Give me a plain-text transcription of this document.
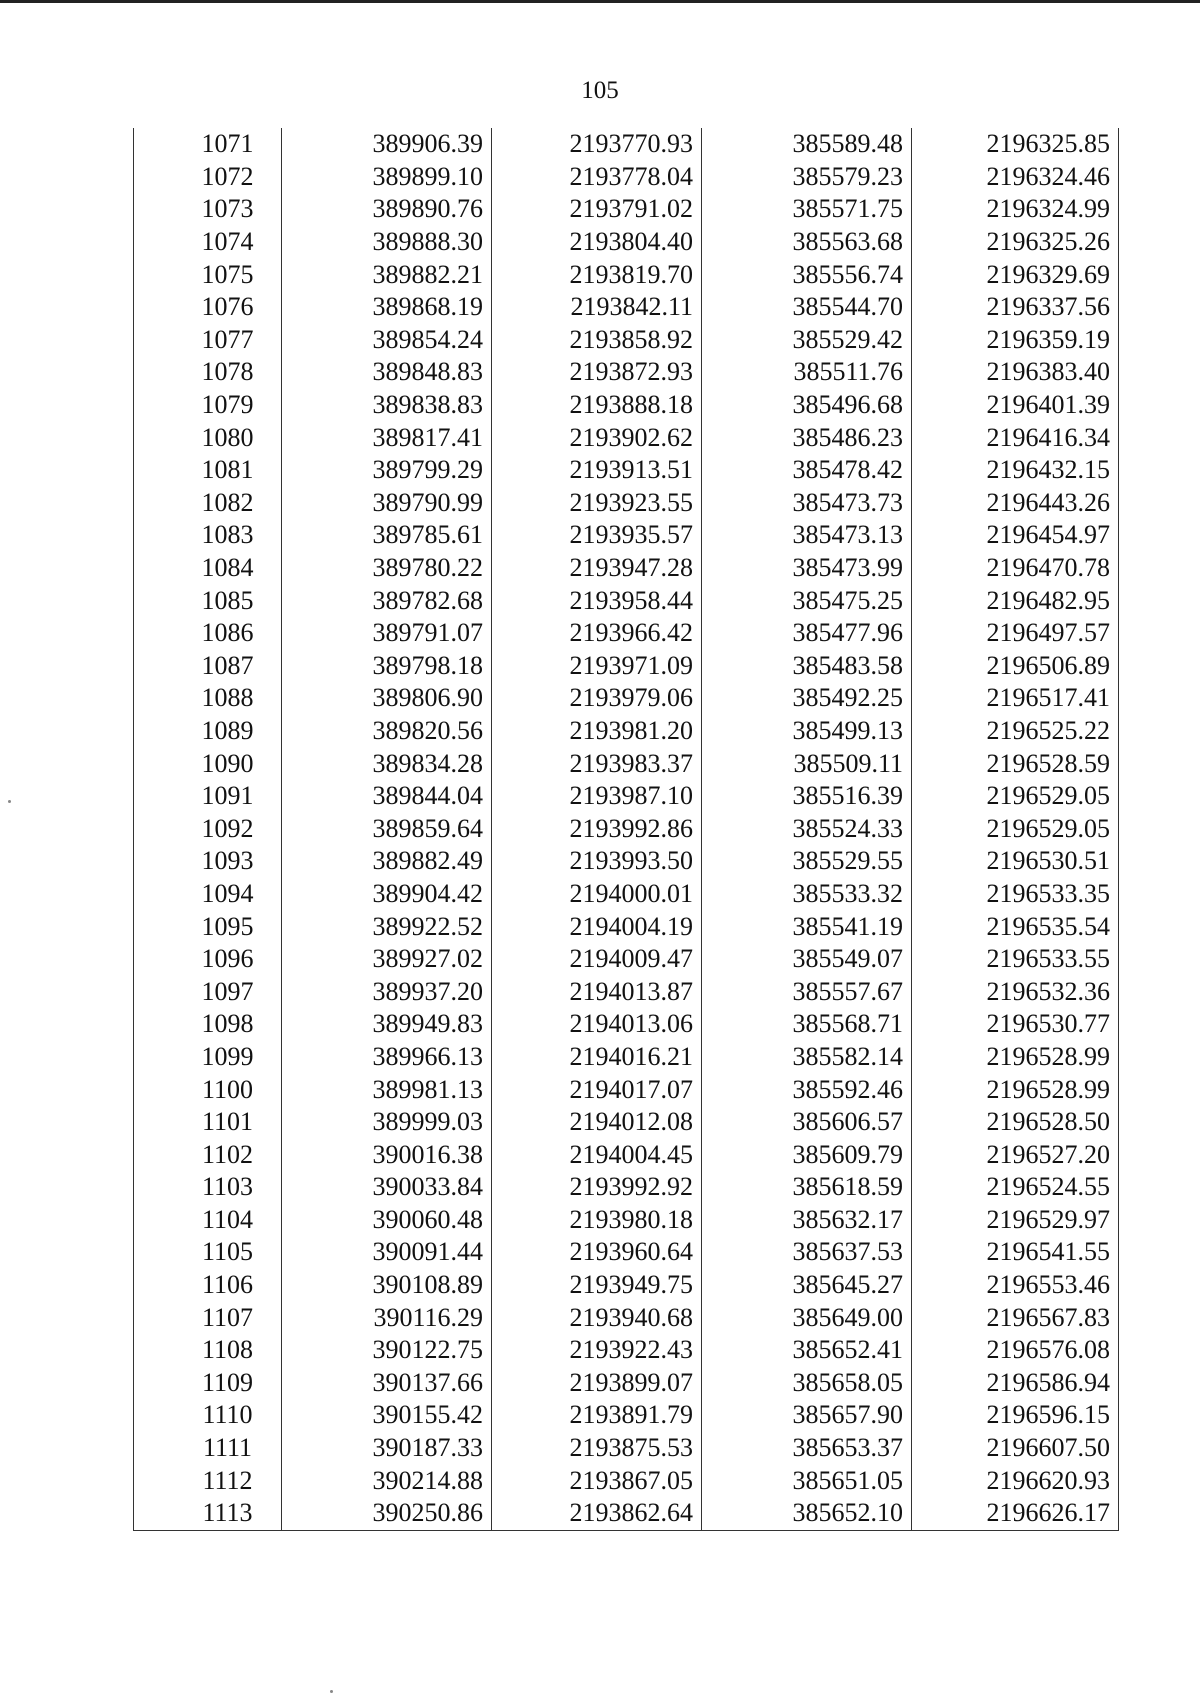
105
1071	389906.39	2193770.93	385589.48	2196325.85
1072	389899.10	2193778.04	385579.23	2196324.46
1073	389890.76	2193791.02	385571.75	2196324.99
1074	389888.30	2193804.40	385563.68	2196325.26
1075	389882.21	2193819.70	385556.74	2196329.69
1076	389868.19	2193842.11	385544.70	2196337.56
1077	389854.24	2193858.92	385529.42	2196359.19
1078	389848.83	2193872.93	385511.76	2196383.40
1079	389838.83	2193888.18	385496.68	2196401.39
1080	389817.41	2193902.62	385486.23	2196416.34
1081	389799.29	2193913.51	385478.42	2196432.15
1082	389790.99	2193923.55	385473.73	2196443.26
1083	389785.61	2193935.57	385473.13	2196454.97
1084	389780.22	2193947.28	385473.99	2196470.78
1085	389782.68	2193958.44	385475.25	2196482.95
1086	389791.07	2193966.42	385477.96	2196497.57
1087	389798.18	2193971.09	385483.58	2196506.89
1088	389806.90	2193979.06	385492.25	2196517.41
1089	389820.56	2193981.20	385499.13	2196525.22
1090	389834.28	2193983.37	385509.11	2196528.59
1091	389844.04	2193987.10	385516.39	2196529.05
1092	389859.64	2193992.86	385524.33	2196529.05
1093	389882.49	2193993.50	385529.55	2196530.51
1094	389904.42	2194000.01	385533.32	2196533.35
1095	389922.52	2194004.19	385541.19	2196535.54
1096	389927.02	2194009.47	385549.07	2196533.55
1097	389937.20	2194013.87	385557.67	2196532.36
1098	389949.83	2194013.06	385568.71	2196530.77
1099	389966.13	2194016.21	385582.14	2196528.99
1100	389981.13	2194017.07	385592.46	2196528.99
1101	389999.03	2194012.08	385606.57	2196528.50
1102	390016.38	2194004.45	385609.79	2196527.20
1103	390033.84	2193992.92	385618.59	2196524.55
1104	390060.48	2193980.18	385632.17	2196529.97
1105	390091.44	2193960.64	385637.53	2196541.55
1106	390108.89	2193949.75	385645.27	2196553.46
1107	390116.29	2193940.68	385649.00	2196567.83
1108	390122.75	2193922.43	385652.41	2196576.08
1109	390137.66	2193899.07	385658.05	2196586.94
1110	390155.42	2193891.79	385657.90	2196596.15
1111	390187.33	2193875.53	385653.37	2196607.50
1112	390214.88	2193867.05	385651.05	2196620.93
1113	390250.86	2193862.64	385652.10	2196626.17
